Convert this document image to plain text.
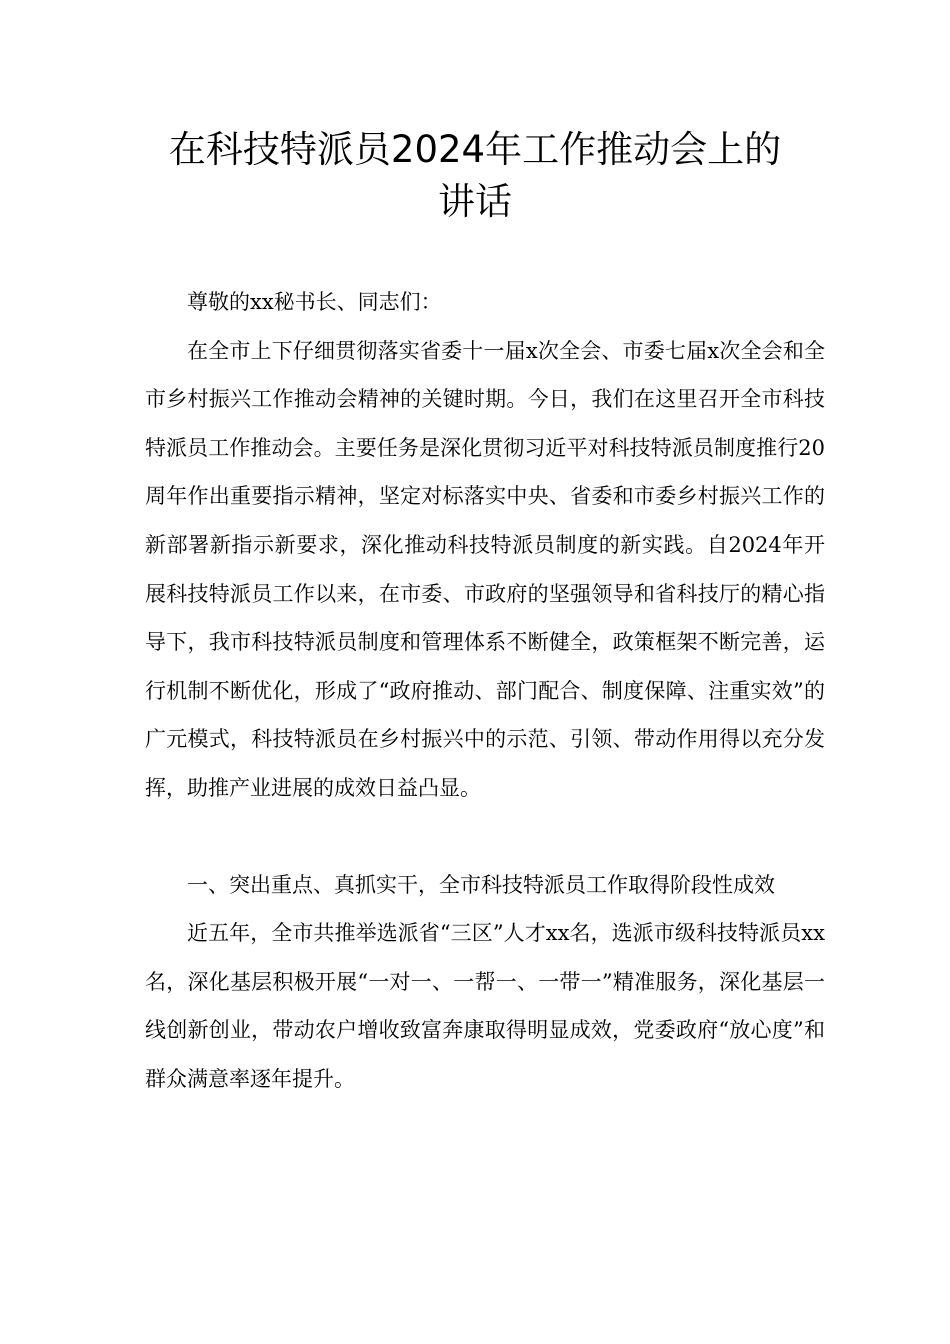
在科技特派员2024年工作推动会上的
讲话

尊敬的xx秘书长、同志们：

在全市上下仔细贯彻落实省委十一届x次全会、市委七届x次全会和全市乡村振兴工作推动会精神的关键时期。今日，我们在这里召开全市科技特派员工作推动会。主要任务是深化贯彻习近平对科技特派员制度推行20周年作出重要指示精神，坚定对标落实中央、省委和市委乡村振兴工作的新部署新指示新要求，深化推动科技特派员制度的新实践。自2024年开展科技特派员工作以来，在市委、市政府的坚强领导和省科技厅的精心指导下，我市科技特派员制度和管理体系不断健全，政策框架不断完善，运行机制不断优化，形成了“政府推动、部门配合、制度保障、注重实效”的广元模式，科技特派员在乡村振兴中的示范、引领、带动作用得以充分发挥，助推产业进展的成效日益凸显。

一、突出重点、真抓实干，全市科技特派员工作取得阶段性成效

近五年，全市共推举选派省“三区”人才xx名，选派市级科技特派员xx名，深化基层积极开展“一对一、一帮一、一带一”精准服务，深化基层一线创新创业，带动农户增收致富奔康取得明显成效，党委政府“放心度”和群众满意率逐年提升。
